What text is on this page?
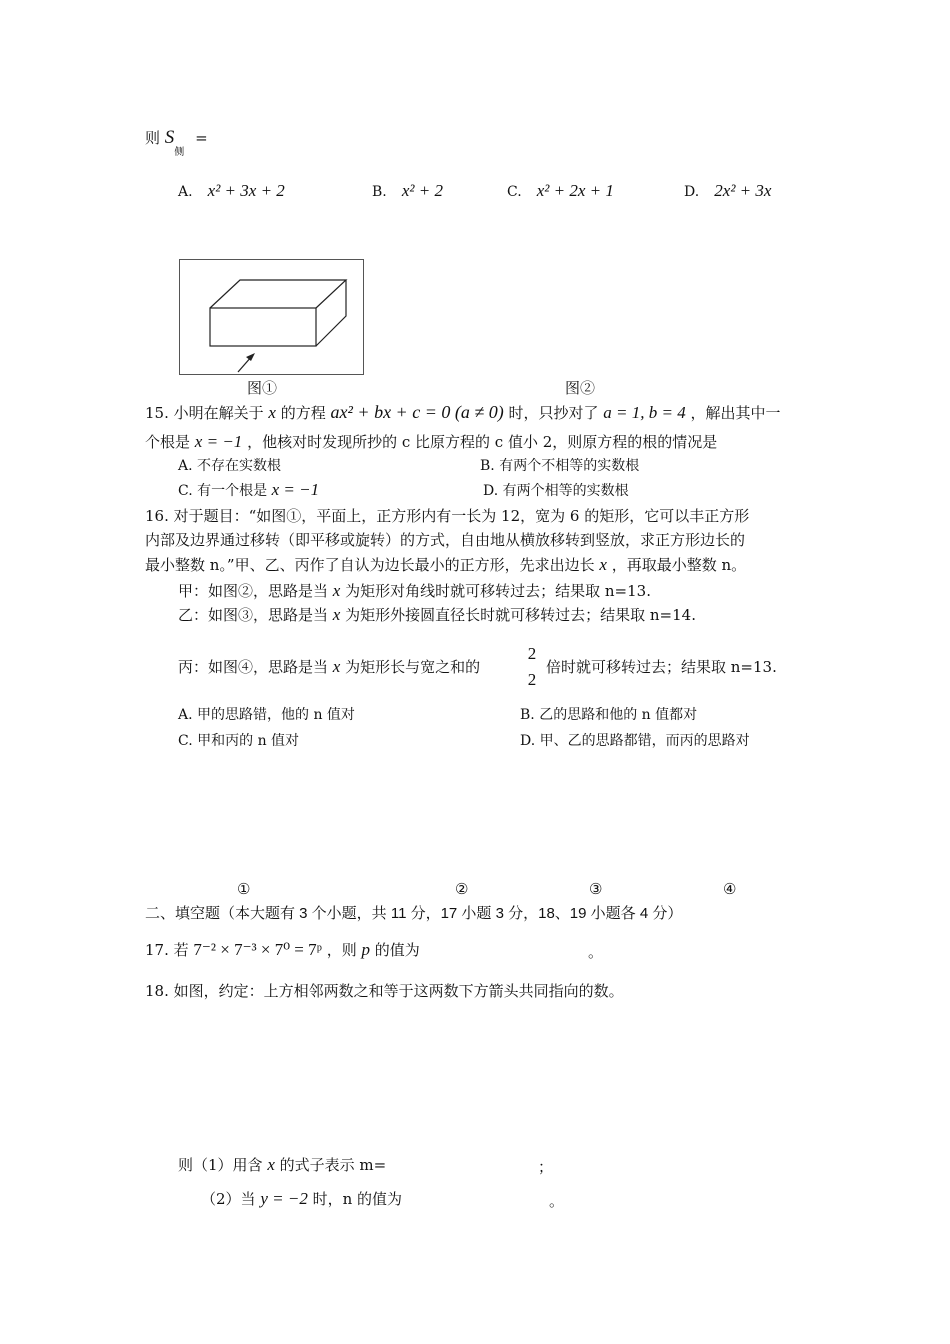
则 $S_侧$ =
A. x² + 3x + 2	B. x² + 2	C. x² + 2x + 1	D. 2x² + 3x
图①	图②
15. 小明在解关于 x 的方程 ax² + bx + c = 0 (a ≠ 0) 时，只抄对了 a = 1, b = 4 ，解出其中一
个根是 x = −1 ，他核对时发现所抄的 c 比原方程的 c 值小 2，则原方程的根的情况是
A. 不存在实数根	B. 有两个不相等的实数根
C. 有一个根是 x = −1	D. 有两个相等的实数根
16. 对于题目：“如图①，平面上，正方形内有一长为 12，宽为 6 的矩形，它可以丰正方形
内部及边界通过移转（即平移或旋转）的方式，自由地从横放移转到竖放，求正方形边长的
最小整数 n。”甲、乙、丙作了自认为边长最小的正方形，先求出边长 x ，再取最小整数 n。
甲：如图②，思路是当 x 为矩形对角线时就可移转过去；结果取 n=13.
乙：如图③，思路是当 x 为矩形外接圆直径长时就可移转过去；结果取 n=14.
丙：如图④，思路是当 x 为矩形长与宽之和的
2
2
倍时就可移转过去；结果取 n=13.
A. 甲的思路错，他的 n 值对	B. 乙的思路和他的 n 值都对
C. 甲和丙的 n 值对	D. 甲、乙的思路都错，而丙的思路对
①	②	③	④
二、填空题（本大题有 3 个小题，共 11 分，17 小题 3 分，18、19 小题各 4 分）
17. 若 7⁻² × 7⁻³ × 7⁰ = 7ᵖ ，则 p 的值为	。
18. 如图，约定：上方相邻两数之和等于这两数下方箭头共同指向的数。
则（1）用含 x 的式子表示 m=	；
（2）当 y = −2 时，n 的值为	。
